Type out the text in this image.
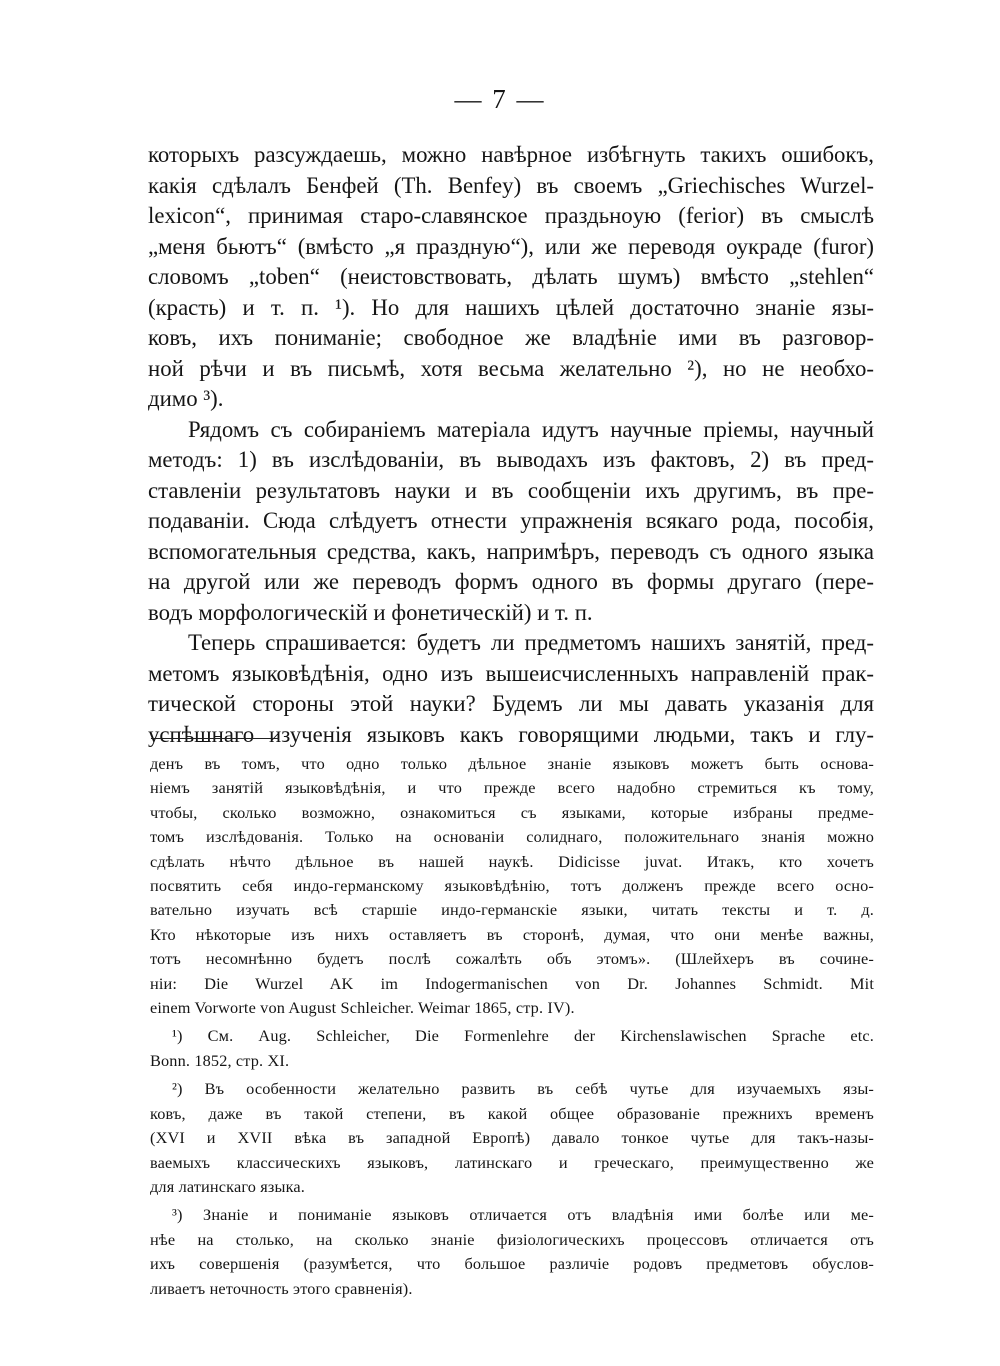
— 7 —

которыхъ разсуждаешь, можно навѣрное избѣгнуть такихъ ошибокъ,
какія сдѣлалъ Бенфей (Th. Benfey) въ своемъ „Griechisches Wurzel-
lexicon“, принимая старо-славянское праздьнoую (ferior) въ смыслѣ
„меня бьютъ“ (вмѣсто „я праздную“), или же переводя оукраде (furor)
словомъ „toben“ (неистовствовать, дѣлать шумъ) вмѣсто „stehlen“
(красть) и т. п. ¹). Но для нашихъ цѣлей достаточно знаніе язы-
ковъ, ихъ пониманіе; свободное же владѣніе ими въ разговор-
ной рѣчи и въ письмѣ, хотя весьма желательно ²), но не необхо-
димо ³).

Рядомъ съ собираніемъ матеріала идутъ научные пріемы, научный
методъ: 1) въ изслѣдованіи, въ выводахъ изъ фактовъ, 2) въ пред-
ставленіи результатовъ науки и въ сообщеніи ихъ другимъ, въ пре-
подаваніи. Сюда слѣдуетъ отнести упражненія всякаго рода, пособія,
вспомогательныя средства, какъ, напримѣръ, переводъ съ одного языка
на другой или же переводъ формъ одного въ формы другаго (пере-
водъ морфологическій и фонетическій) и т. п.

Теперь спрашивается: будетъ ли предметомъ нашихъ занятій, пред-
метомъ языковѣдѣнія, одно изъ вышеисчисленныхъ направленій прак-
тической стороны этой науки? Будемъ ли мы давать указанія для
успѣшнаго изученія языковъ какъ говорящими людьми, такъ и глу-

денъ въ томъ, что одно только дѣльное знаніе языковъ можетъ быть основа-
ніемъ занятій языковѣдѣнія, и что прежде всего надобно стремиться къ тому,
чтобы, сколько возможно, ознакомиться съ языками, которые избраны предме-
томъ изслѣдованія. Только на основаніи солиднаго, положительнаго знанія можно
сдѣлать нѣчто дѣльное въ нашей наукѣ. Didicisse juvat. Итакъ, кто хочетъ
посвятить себя индо-германскому языковѣдѣнію, тотъ долженъ прежде всего осно-
вательно изучать всѣ старшіе индо-германскіе языки, читать тексты и т. д.
Кто нѣкоторые изъ нихъ оставляетъ въ сторонѣ, думая, что они менѣе важны,
тотъ несомнѣнно будетъ послѣ сожалѣть объ этомъ». (Шлейхеръ въ сочине-
ніи: Die Wurzel AK im Indogermanischen von Dr. Johannes Schmidt. Mit
einem Vorworte von August Schleicher. Weimar 1865, стр. IV).
¹) См. Aug. Schleicher, Die Formenlehre der Kirchenslawischen Sprache etc.
Bonn. 1852, стр. XI.
²) Въ особенности желательно развить въ себѣ чутье для изучаемыхъ язы-
ковъ, даже въ такой степени, въ какой общее образованіе прежнихъ временъ
(XVI и XVII вѣка въ западной Европѣ) давало тонкое чутье для такъ-назы-
ваемыхъ классическихъ языковъ, латинскаго и греческаго, преимущественно же
для латинскаго языка.
³) Знаніе и пониманіе языковъ отличается отъ владѣнія ими болѣе или ме-
нѣе на столько, на сколько знаніе физіологическихъ процессовъ отличается отъ
ихъ совершенія (разумѣется, что большое различіе родовъ предметовъ обуслов-
ливаетъ неточность этого сравненія).
